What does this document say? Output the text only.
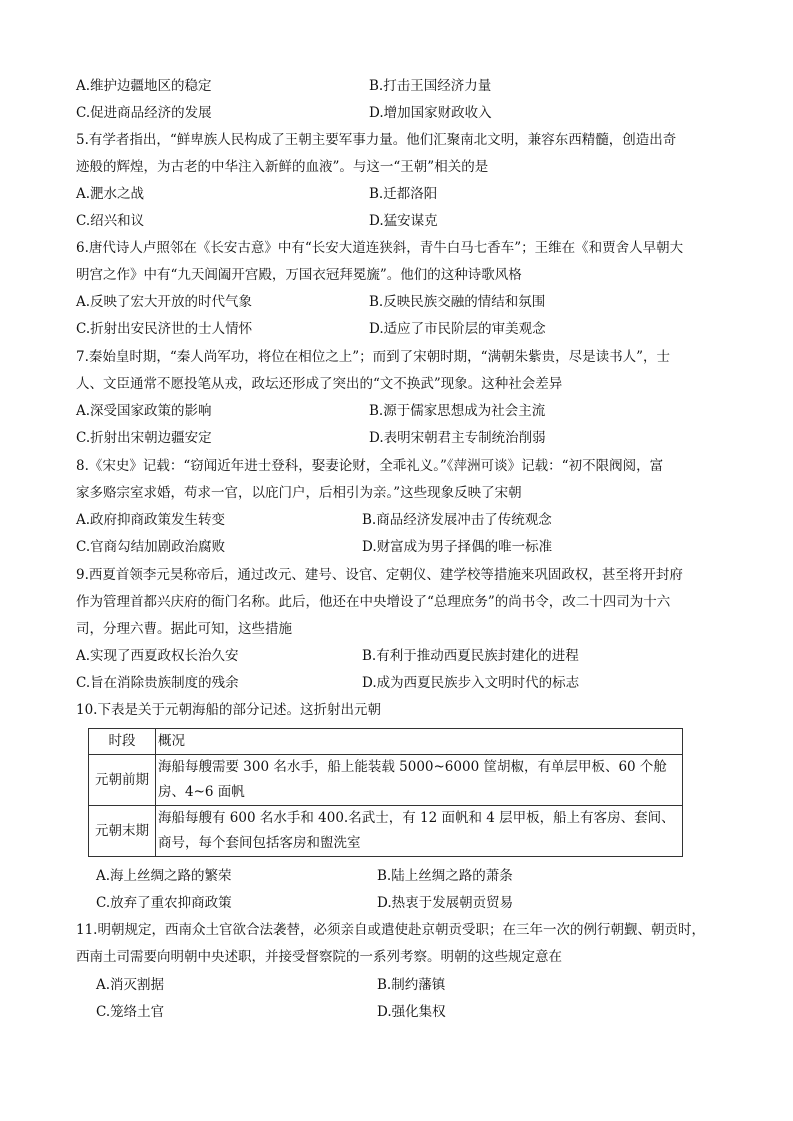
A.维护边疆地区的稳定	B.打击王国经济力量
C.促进商品经济的发展	D.增加国家财政收入
5.有学者指出，“鲜卑族人民构成了王朝主要军事力量。他们汇聚南北文明，兼容东西精髓，创造出奇
迹般的辉煌，为古老的中华注入新鲜的血液”。与这一“王朝”相关的是
A.淝水之战	B.迁都洛阳
C.绍兴和议	D.猛安谋克
6.唐代诗人卢照邻在《长安古意》中有“长安大道连狭斜，青牛白马七香车”；王维在《和贾舍人早朝大
明宫之作》中有“九天阊阖开宫殿，万国衣冠拜冕旒”。他们的这种诗歌风格
A.反映了宏大开放的时代气象	B.反映民族交融的情结和氛围
C.折射出安民济世的士人情怀	D.适应了市民阶层的审美观念
7.秦始皇时期，“秦人尚军功，将位在相位之上”；而到了宋朝时期，“满朝朱紫贵，尽是读书人”，士
人、文臣通常不愿投笔从戎，政坛还形成了突出的“文不换武”现象。这种社会差异
A.深受国家政策的影响	B.源于儒家思想成为社会主流
C.折射出宋朝边疆安定	D.表明宋朝君主专制统治削弱
8.《宋史》记载：“窃闻近年进士登科，娶妻论财，全乖礼义。”《萍洲可谈》记载：“初不限阀阅，富
家多赂宗室求婚，苟求一官，以庇门户，后相引为亲。”这些现象反映了宋朝
A.政府抑商政策发生转变	B.商品经济发展冲击了传统观念
C.官商勾结加剧政治腐败	D.财富成为男子择偶的唯一标准
9.西夏首领李元昊称帝后，通过改元、建号、设官、定朝仪、建学校等措施来巩固政权，甚至将开封府
作为管理首都兴庆府的衙门名称。此后，他还在中央增设了“总理庶务”的尚书令，改二十四司为十六
司，分理六曹。据此可知，这些措施
A.实现了西夏政权长治久安	B.有利于推动西夏民族封建化的进程
C.旨在消除贵族制度的残余	D.成为西夏民族步入文明时代的标志
10.下表是关于元朝海船的部分记述。这折射出元朝
时段	概况
元朝前期	海船每艘需要 300 名水手，船上能装载 5000~6000 筐胡椒，有单层甲板、60 个舱房、4~6 面帆
元朝末期	海船每艘有 600 名水手和 400.名武士，有 12 面帆和 4 层甲板，船上有客房、套间、商号，每个套间包括客房和盥洗室
A.海上丝绸之路的繁荣	B.陆上丝绸之路的萧条
C.放弃了重农抑商政策	D.热衷于发展朝贡贸易
11.明朝规定，西南众土官欲合法袭替，必须亲自或遣使赴京朝贡受职；在三年一次的例行朝觐、朝贡时，
西南土司需要向明朝中央述职，并接受督察院的一系列考察。明朝的这些规定意在
A.消灭割据	B.制约藩镇
C.笼络土官	D.强化集权
